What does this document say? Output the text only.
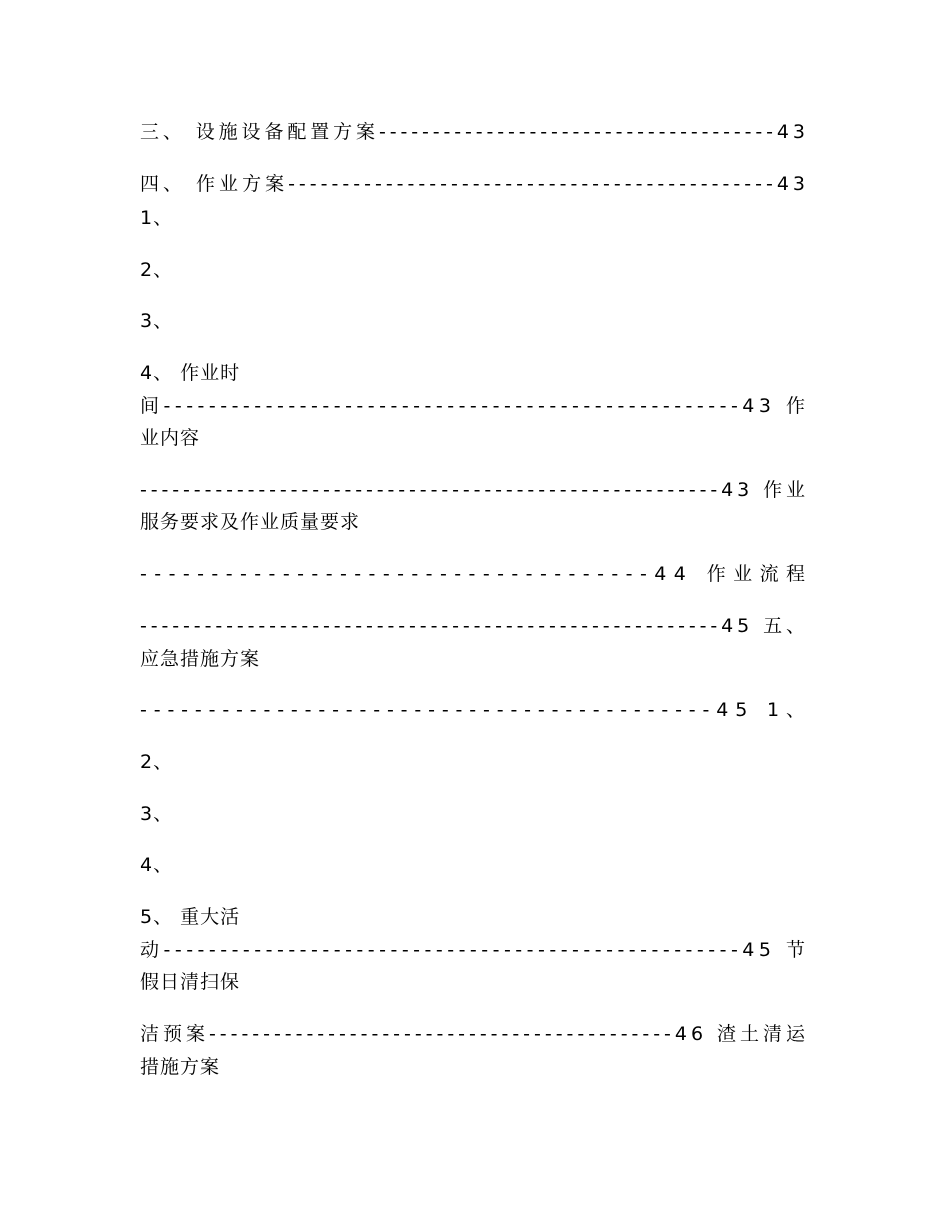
三、 设施设备配置方案-------------------------------------43

四、 作业方案---------------------------------------------43

1、

2、

3、

4、 作业时

间---------------------------------------------------43 作

业内容

------------------------------------------------------43 作业

服务要求及作业质量要求

------------------------------------44 作业流程

------------------------------------------------------45 五、

应急措施方案

------------------------------------------45 1、

2、

3、

4、

5、 重大活

动---------------------------------------------------45 节

假日清扫保

洁预案-------------------------------------------46 渣土清运

措施方案
